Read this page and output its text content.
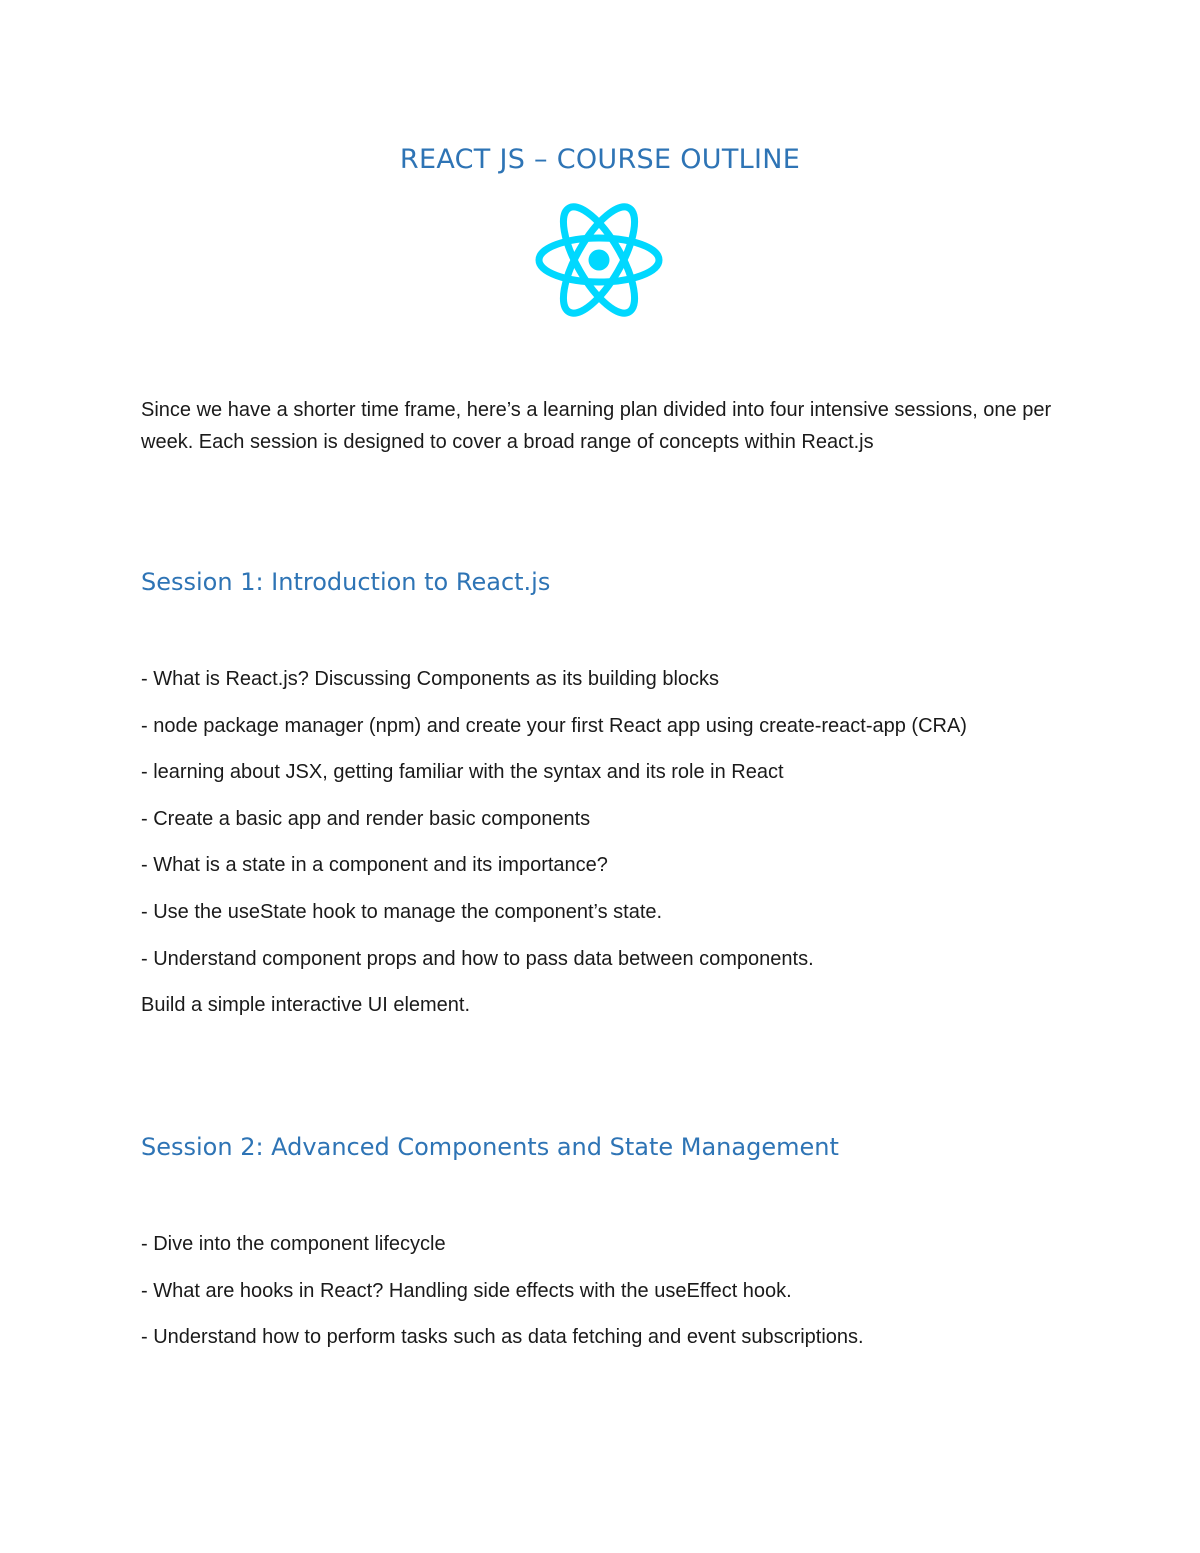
REACT JS – COURSE OUTLINE

Since we have a shorter time frame, here’s a learning plan divided into four intensive sessions, one per week. Each session is designed to cover a broad range of concepts within React.js

Session 1: Introduction to React.js
- What is React.js? Discussing Components as its building blocks
- node package manager (npm) and create your first React app using create-react-app (CRA)
- learning about JSX, getting familiar with the syntax and its role in React
- Create a basic app and render basic components
- What is a state in a component and its importance?
- Use the useState hook to manage the component’s state.
- Understand component props and how to pass data between components.
Build a simple interactive UI element.
Session 2: Advanced Components and State Management
- Dive into the component lifecycle
- What are hooks in React? Handling side effects with the useEffect hook.
- Understand how to perform tasks such as data fetching and event subscriptions.
